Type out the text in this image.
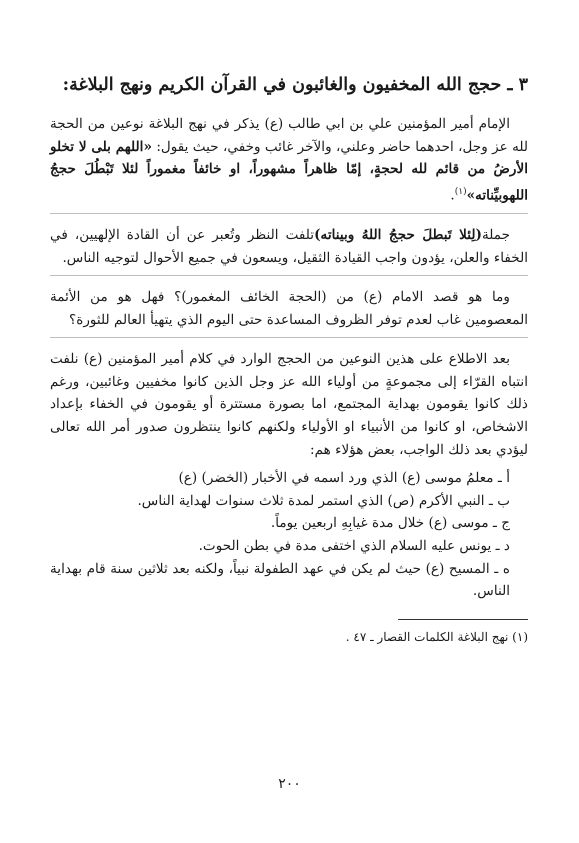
٣ ـ حجج الله المخفيون والغائبون في القرآن الكريم ونهج البلاغة:

الإمام أمير المؤمنين علي بن ابي طالب (ع) يذكر في نهج البلاغة نوعين من الحجة لله عز وجل، احدهما حاضر وعلني، والآخر غائب وخفي، حيث يقول: «اللهم بلى لا تخلو الأرضُ من قائم لله لحجةٍ، إمّا ظاهراً مشهوراً، او خائفاً مغموراً لئلا تَبْطُلَ حججُ اللهوبيِّناته»$^{(١)}$.

جملة(لِئلا تَبطلَ حججُ اللهُ وبيناته)تلفت النظر وتُعبر عن أن القادة الإلهيين، في الخفاء والعلن، يؤدون واجب القيادة الثقيل، ويسعون في جميع الأحوال لتوجيه الناس.

وما هو قصد الامام (ع) من (الحجة الخائف المغمور)؟ فهل هو من الأئمة المعصومين غاب لعدم توفر الظروف المساعدة حتى اليوم الذي يتهيأ العالم للثورة؟

بعد الاطلاع على هذين النوعين من الحجج الوارد في كلام أمير المؤمنين (ع) نلفت انتباه القرّاء إلى مجموعةٍ من أولياء الله عز وجل الذين كانوا مخفيين وغائبين، ورغم ذلك كانوا يقومون بهداية المجتمع، اما بصورة مستترة أو يقومون في الخفاء بإعداد الاشخاص، او كانوا من الأنبياء او الأولياء ولكنهم كانوا ينتظرون صدور أمر الله تعالى ليؤدي بعد ذلك الواجب، بعض هؤلاء هم:

أ ـ معلمُ موسى (ع) الذي ورد اسمه في الأخبار (الخضر) (ع)
ب ـ النبي الأكرم (ص) الذي استمر لمدة ثلاث سنوات لهداية الناس.
ج ـ موسى (ع) خلال مدة غيابِهِ اربعين يوماً.
د ـ يونس عليه السلام الذي اختفى مدة في بطن الحوت.
ه ـ المسيح (ع) حيث لم يكن في عهد الطفولة نبياً، ولكنه بعد ثلاثين سنة قام بهداية الناس.
(١) نهج البلاغة الكلمات القصار ـ ٤٧ .
٢٠٠
